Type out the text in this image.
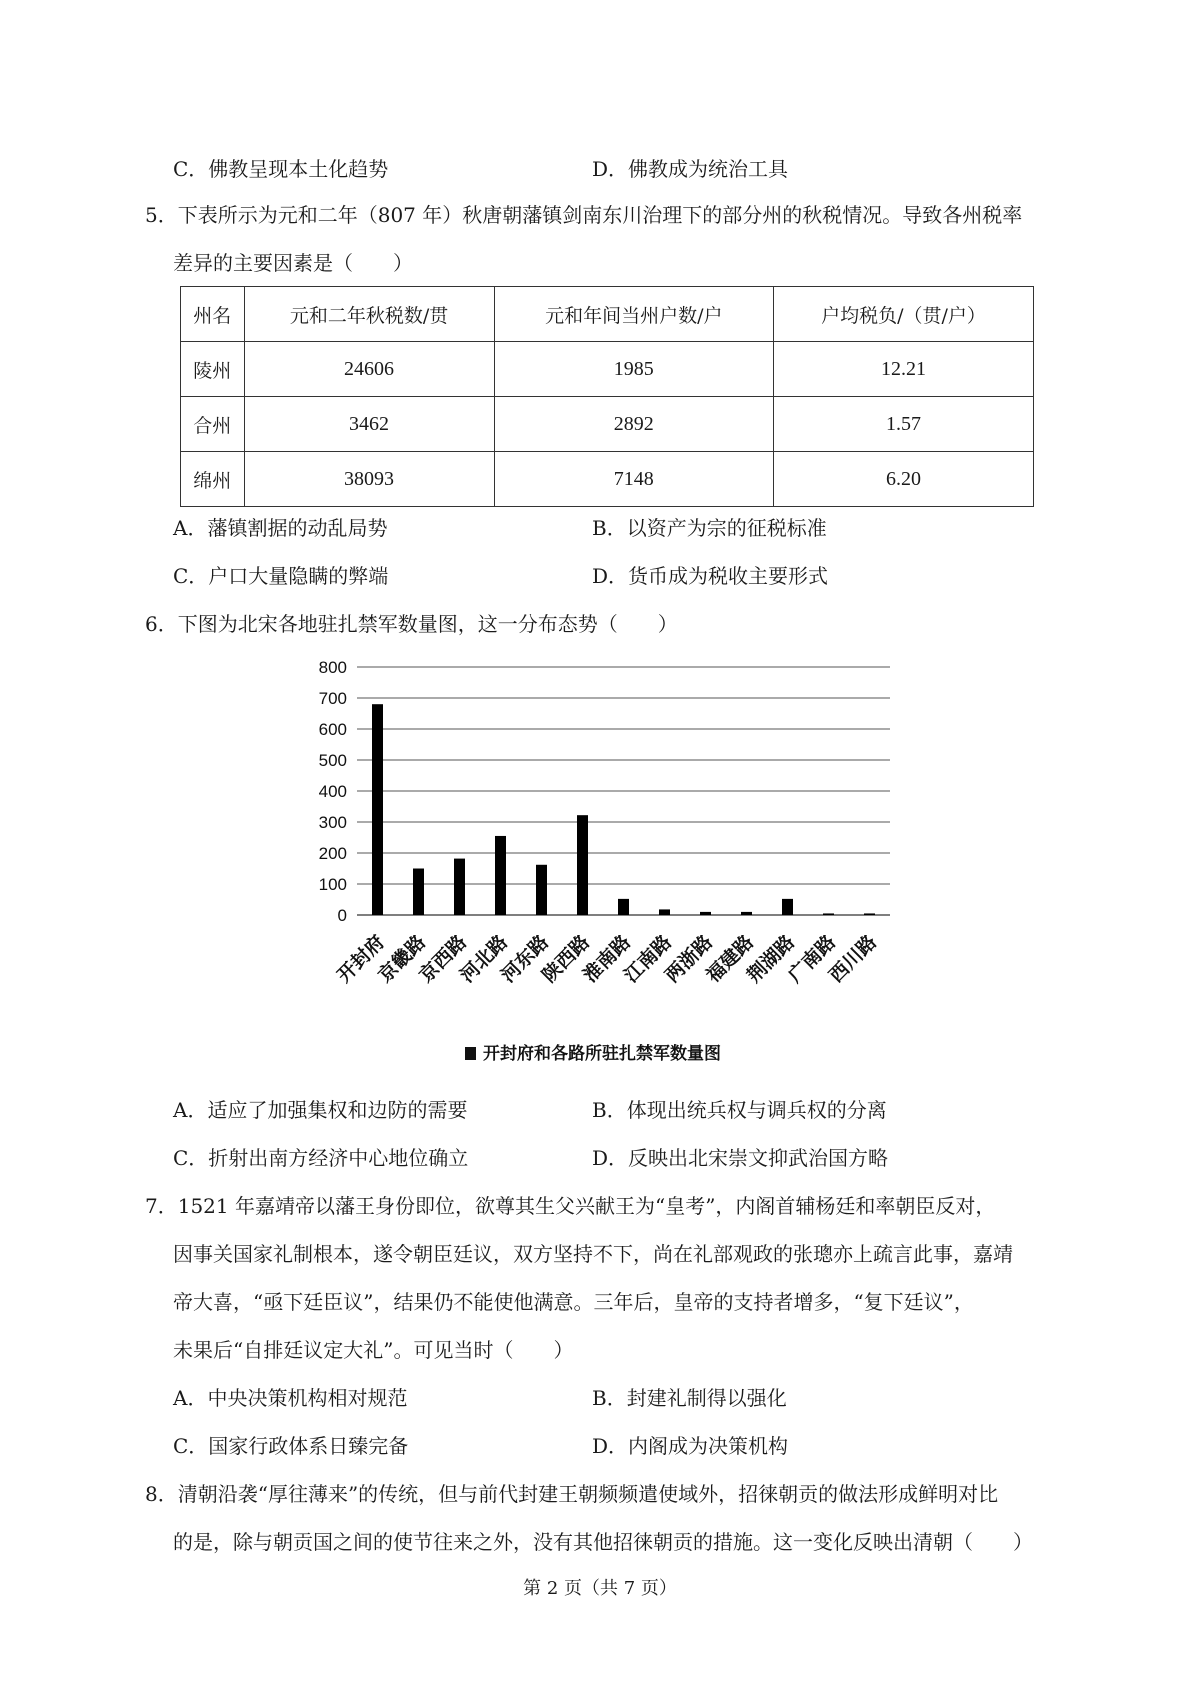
C．佛教呈现本土化趋势	D．佛教成为统治工具
5．下表所示为元和二年（807 年）秋唐朝藩镇剑南东川治理下的部分州的秋税情况。导致各州税率
差异的主要因素是（　　）
州名	元和二年秋税数/贯	元和年间当州户数/户	户均税负/（贯/户）
陵州	24606	1985	12.21
合州	3462	2892	1.57
绵州	38093	7148	6.20
A．藩镇割据的动乱局势	B．以资产为宗的征税标准
C．户口大量隐瞒的弊端	D．货币成为税收主要形式
6．下图为北宋各地驻扎禁军数量图，这一分布态势（　　）
800
700
600
500
400
300
200
100
0
开封府
京畿路
京西路
河北路
河东路
陕西路
淮南路
江南路
两浙路
福建路
荆湖路
广南路
西川路
开封府和各路所驻扎禁军数量图
A．适应了加强集权和边防的需要	B．体现出统兵权与调兵权的分离
C．折射出南方经济中心地位确立	D．反映出北宋崇文抑武治国方略
7．1521 年嘉靖帝以藩王身份即位，欲尊其生父兴献王为“皇考”，内阁首辅杨廷和率朝臣反对，
因事关国家礼制根本，遂令朝臣廷议，双方坚持不下，尚在礼部观政的张璁亦上疏言此事，嘉靖
帝大喜，“亟下廷臣议”，结果仍不能使他满意。三年后，皇帝的支持者增多，“复下廷议”，
未果后“自排廷议定大礼”。可见当时（　　）
A．中央决策机构相对规范	B．封建礼制得以强化
C．国家行政体系日臻完备	D．内阁成为决策机构
8．清朝沿袭“厚往薄来”的传统，但与前代封建王朝频频遣使域外，招徕朝贡的做法形成鲜明对比
的是，除与朝贡国之间的使节往来之外，没有其他招徕朝贡的措施。这一变化反映出清朝（　　）
第 2 页（共 7 页）
